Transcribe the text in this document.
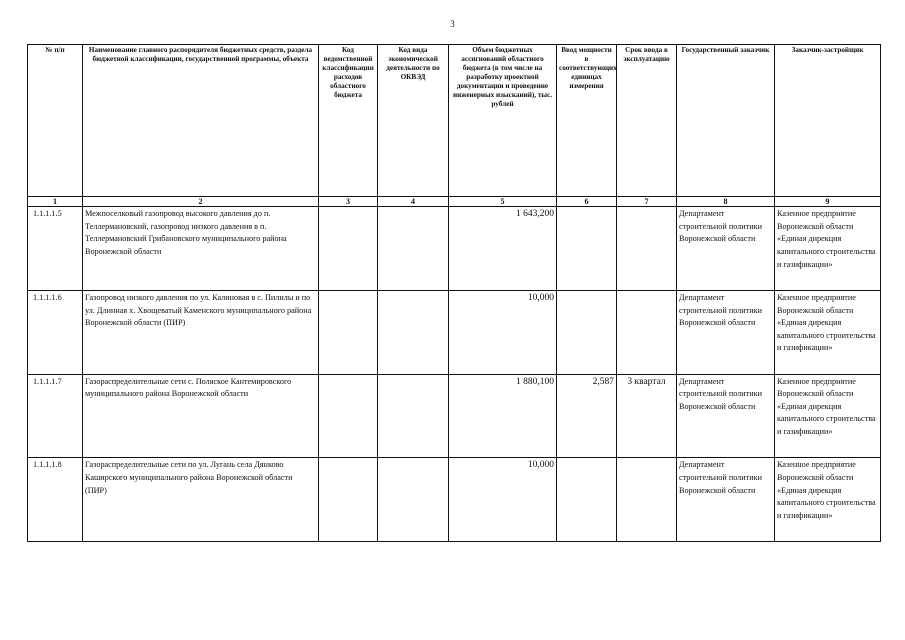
3
№ п/п	Наименование главного распорядителя бюджетных средств, раздела бюджетной классификации, государственной программы, объекта	Код ведомственной классификации расходов областного бюджета	Код вида экономической деятельности по ОКВЭД	Объем бюджетных ассигнований областного бюджета (в том числе на разработку проектной документации и проведение инженерных изысканий), тыс. рублей	Ввод мощности в соответствующих единицах измерения	Срок ввода в эксплуатацию	Государственный заказчик	Заказчик-застройщик
1	2	3	4	5	6	7	8	9
1.1.1.1.5	Межпоселковый газопровод высокого давления до п. Теллермановский, газопровод низкого давления в п. Теллермановский Грибановского муниципального района Воронежской области			1 643,200			Департамент строительной политики Воронежской области	Казенное предприятие Воронежской области «Единая дирекция капитального строительства и газификации»
1.1.1.1.6	Газопровод низкого давления по ул. Калиновая в с. Пилилы и по ул. Длинная х. Хвощеватый Каменского муниципального района Воронежской области (ПИР)			10,000			Департамент строительной политики Воронежской области	Казенное предприятие Воронежской области «Единая дирекция капитального строительства и газификации»
1.1.1.1.7	Газораспределительные сети с. Поляское Кантемировского муниципального района Воронежской области			1 880,100	2,587	3 квартал	Департамент строительной политики Воронежской области	Казенное предприятие Воронежской области «Единая дирекция капитального строительства и газификации»
1.1.1.1.8	Газораспределительные сети по ул. Лугань села Дянково Каширского муниципального района Воронежской области (ПИР)			10,000			Департамент строительной политики Воронежской области	Казенное предприятие Воронежской области «Единая дирекция капитального строительства и газификации»
